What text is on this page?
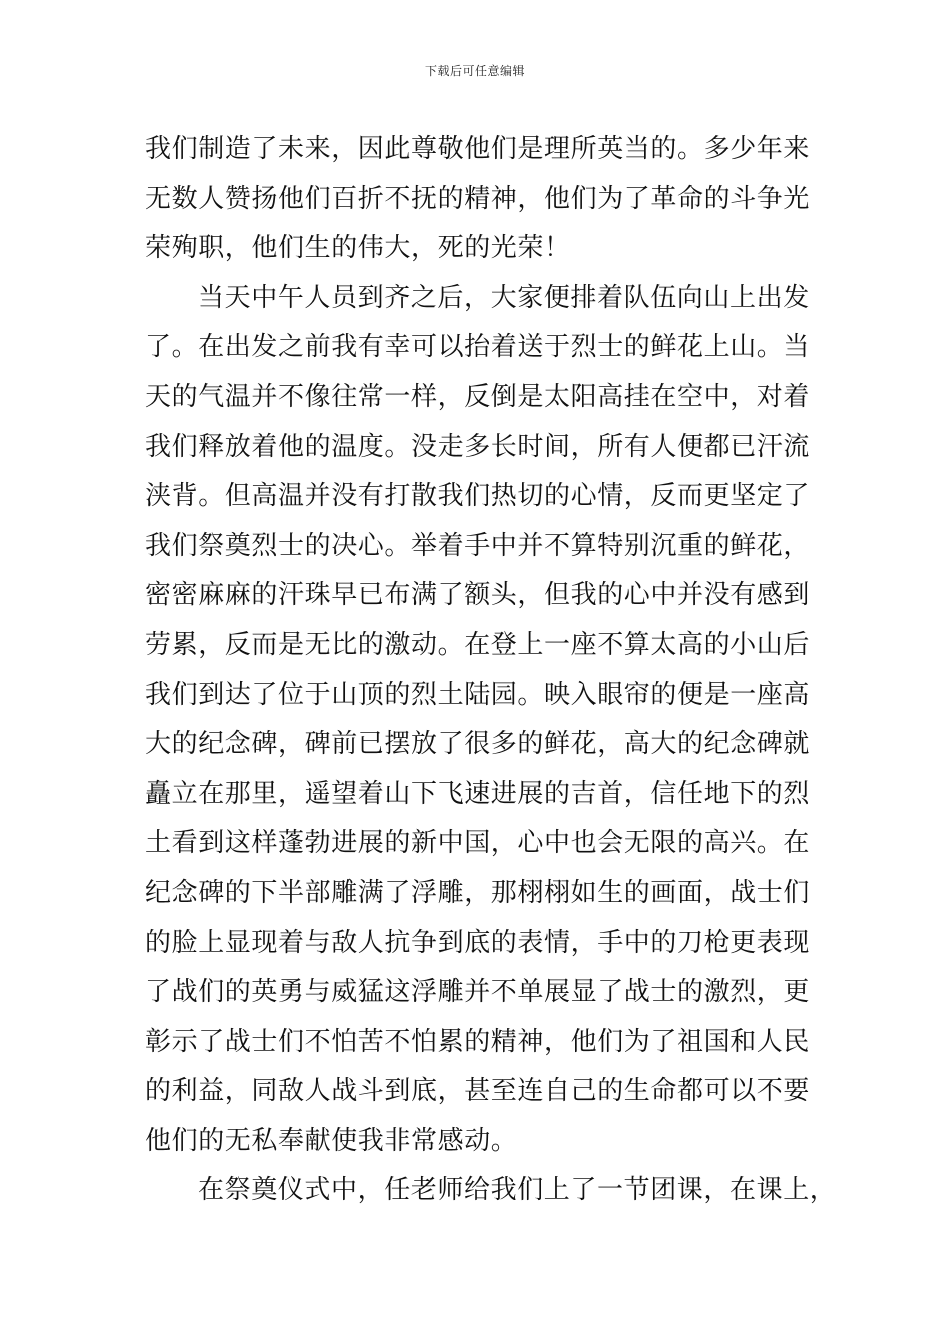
下载后可任意编辑
我们制造了未来，因此尊敬他们是理所英当的。多少年来
无数人赞扬他们百折不抚的精神，他们为了革命的斗争光
荣殉职，他们生的伟大，死的光荣！
当天中午人员到齐之后，大家便排着队伍向山上出发
了。在出发之前我有幸可以抬着送于烈士的鲜花上山。当
天的气温并不像往常一样，反倒是太阳高挂在空中，对着
我们释放着他的温度。没走多长时间，所有人便都已汗流
浃背。但高温并没有打散我们热切的心情，反而更坚定了
我们祭奠烈士的决心。举着手中并不算特别沉重的鲜花，
密密麻麻的汗珠早已布满了额头，但我的心中并没有感到
劳累，反而是无比的激动。在登上一座不算太高的小山后
我们到达了位于山顶的烈土陆园。映入眼帘的便是一座高
大的纪念碑，碑前已摆放了很多的鲜花，高大的纪念碑就
矗立在那里，遥望着山下飞速进展的吉首，信任地下的烈
土看到这样蓬勃进展的新中国，心中也会无限的高兴。在
纪念碑的下半部雕满了浮雕，那栩栩如生的画面，战士们
的脸上显现着与敌人抗争到底的表情，手中的刀枪更表现
了战们的英勇与威猛这浮雕并不单展显了战士的激烈，更
彰示了战士们不怕苦不怕累的精神，他们为了祖国和人民
的利益，同敌人战斗到底，甚至连自己的生命都可以不要
他们的无私奉献使我非常感动。
在祭奠仪式中，任老师给我们上了一节团课，在课上，
